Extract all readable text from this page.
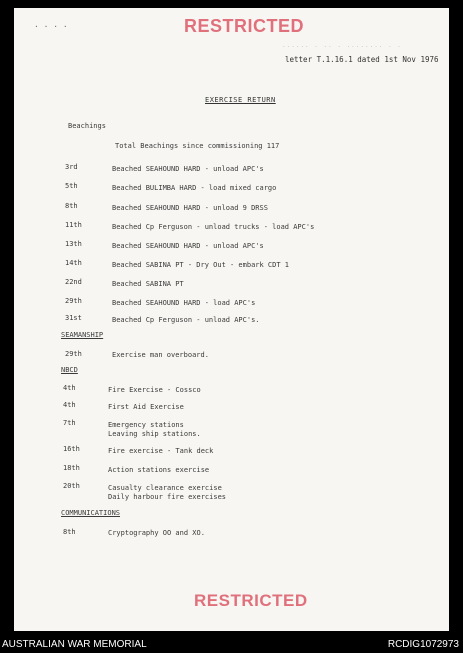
RESTRICTED
· · · ·
...... . .. . ........ . .
letter T.1.16.1 dated 1st Nov 1976
EXERCISE RETURN
Beachings
Total Beachings since commissioning 117
3rd	Beached SEAHOUND HARD - unload APC's
5th	Beached BULIMBA HARD - load mixed cargo
8th	Beached SEAHOUND HARD - unload 9 DRSS
11th	Beached Cp Ferguson - unload trucks - load APC's
13th	Beached SEAHOUND HARD - unload APC's
14th	Beached SABINA PT - Dry Out - embark CDT 1
22nd	Beached SABINA PT
29th	Beached SEAHOUND HARD - load APC's
31st	Beached Cp Ferguson - unload APC's.
SEAMANSHIP
29th	Exercise man overboard.
NBCD
4th	Fire Exercise - Cossco
4th	First Aid Exercise
7th	Emergency stations
Leaving ship stations.
16th	Fire exercise - Tank deck
18th	Action stations exercise
20th	Casualty clearance exercise
Daily harbour fire exercises
COMMUNICATIONS
8th	Cryptography OO and XO.
RESTRICTED
AUSTRALIAN WAR MEMORIAL	RCDIG1072973
